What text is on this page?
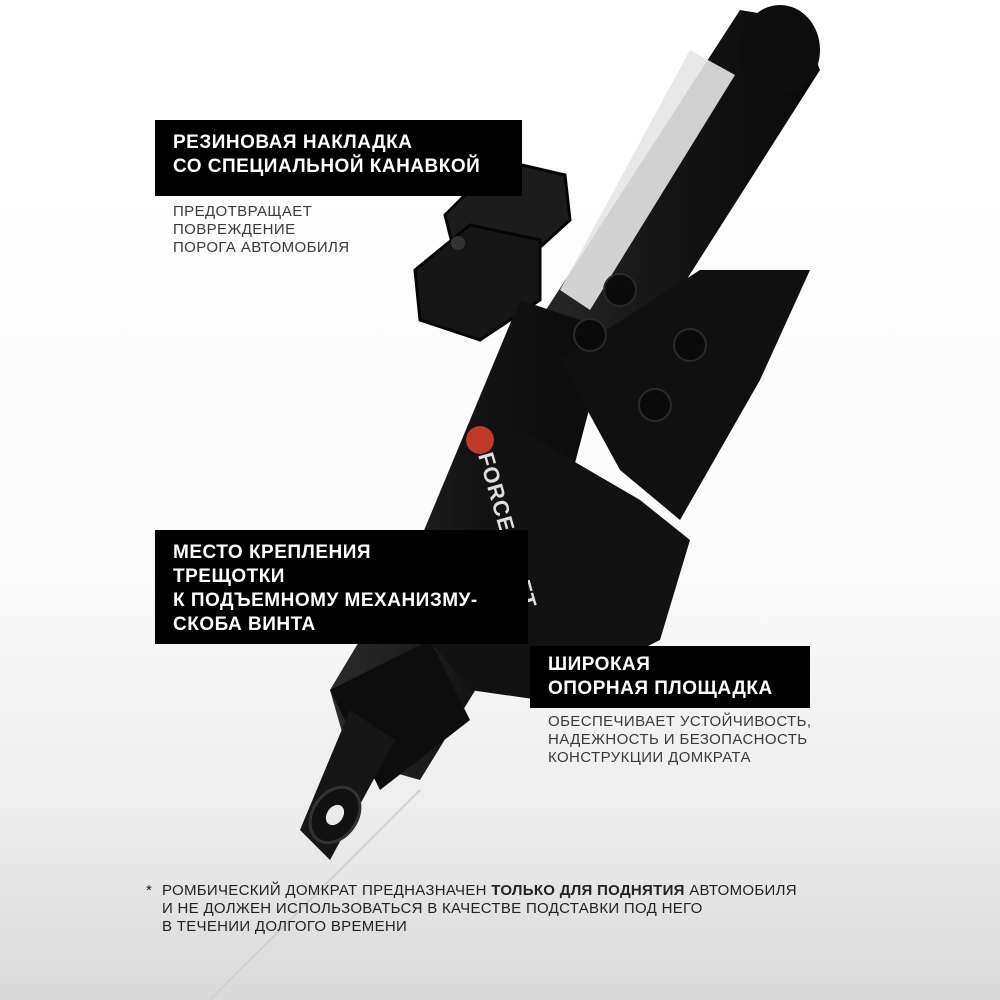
РЕЗИНОВАЯ НАКЛАДКА
СО СПЕЦИАЛЬНОЙ КАНАВКОЙ
ПРЕДОТВРАЩАЕТ
ПОВРЕЖДЕНИЕ
ПОРОГА АВТОМОБИЛЯ
МЕСТО КРЕПЛЕНИЯ
ТРЕЩОТКИ
К ПОДЪЕМНОМУ МЕХАНИЗМУ-
СКОБА ВИНТА
ШИРОКАЯ
ОПОРНАЯ ПЛОЩАДКА
ОБЕСПЕЧИВАЕТ УСТОЙЧИВОСТЬ,
НАДЕЖНОСТЬ И БЕЗОПАСНОСТЬ
КОНСТРУКЦИИ ДОМКРАТА
* РОМБИЧЕСКИЙ ДОМКРАТ ПРЕДНАЗНАЧЕН ТОЛЬКО ДЛЯ ПОДНЯТИЯ АВТОМОБИЛЯ
И НЕ ДОЛЖЕН ИСПОЛЬЗОВАТЬСЯ В КАЧЕСТВЕ ПОДСТАВКИ ПОД НЕГО
В ТЕЧЕНИИ ДОЛГОГО ВРЕМЕНИ
